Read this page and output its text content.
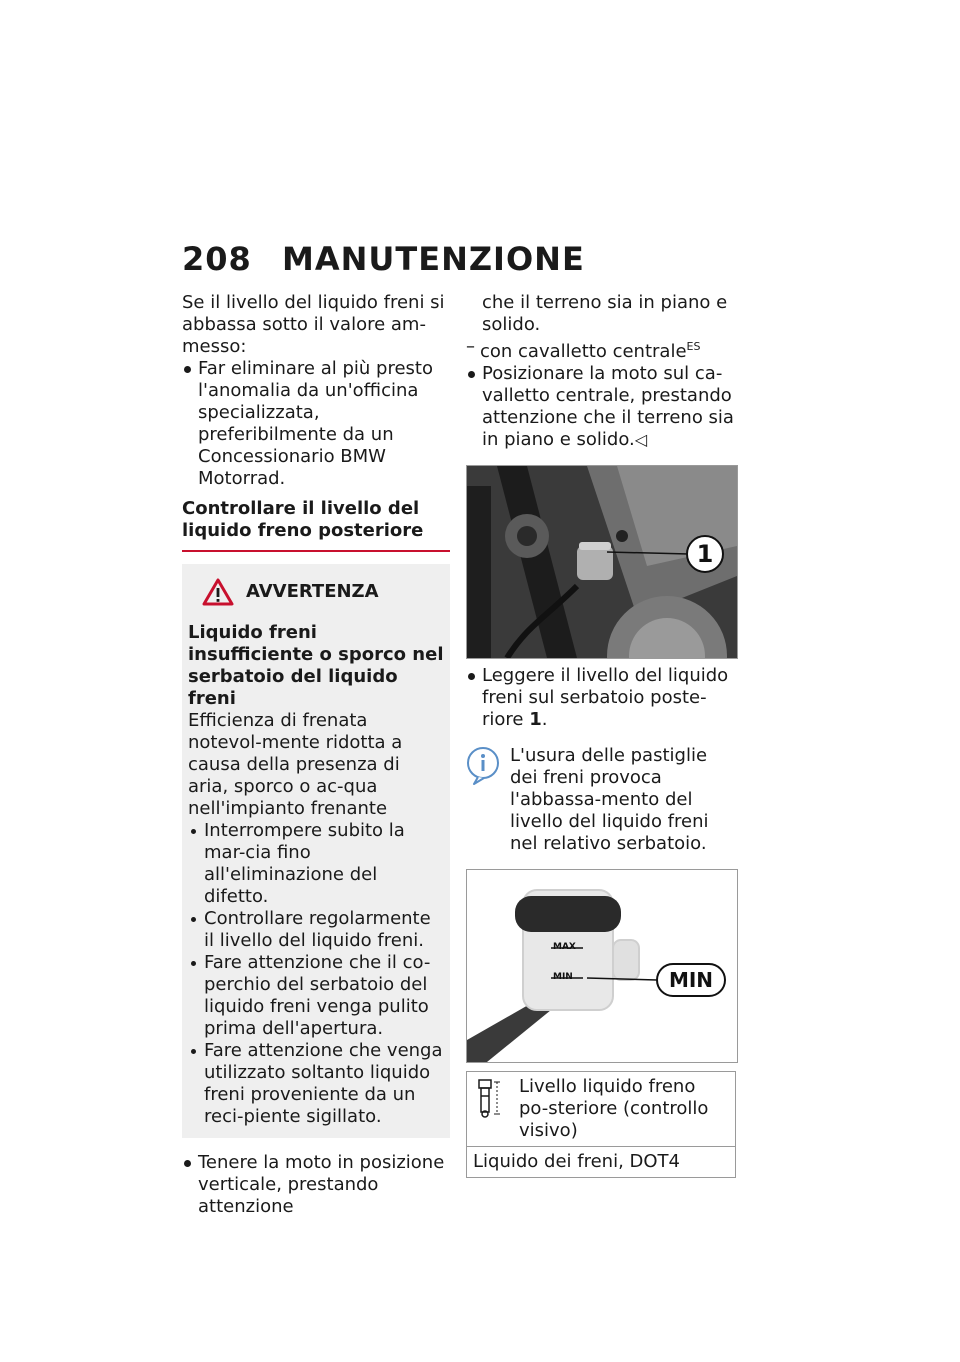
208 MANUTENZIONE

Se il livello del liquido freni si abbassa sotto il valore am-messo:

Far eliminare al più presto l'anomalia da un'officina specializzata, preferibilmente da un Concessionario BMW Motorrad.

Controllare il livello del liquido freno posteriore
AVVERTENZA

Liquido freni insufficiente o sporco nel serbatoio del liquido freni

Efficienza di frenata notevol-mente ridotta a causa della presenza di aria, sporco o ac-qua nell'impianto frenante

Interrompere subito la mar-cia fino all'eliminazione del difetto.

Controllare regolarmente il livello del liquido freni.

Fare attenzione che il co-perchio del serbatoio del liquido freni venga pulito prima dell'apertura.

Fare attenzione che venga utilizzato soltanto liquido freni proveniente da un reci-piente sigillato.

Tenere la moto in posizione verticale, prestando attenzione

che il terreno sia in piano e solido.

– con cavalletto centrale$^{ES}$

Posizionare la moto sul ca-valletto centrale, prestando attenzione che il terreno sia in piano e solido.◁

1

Leggere il livello del liquido freni sul serbatoio poste-riore 1.

L'usura delle pastiglie dei freni provoca l'abbassa-mento del livello del liquido freni nel relativo serbatoio.

MAX
MIN	MIN
	Livello liquido freno po-steriore (controllo visivo)
Liquido dei freni, DOT4
